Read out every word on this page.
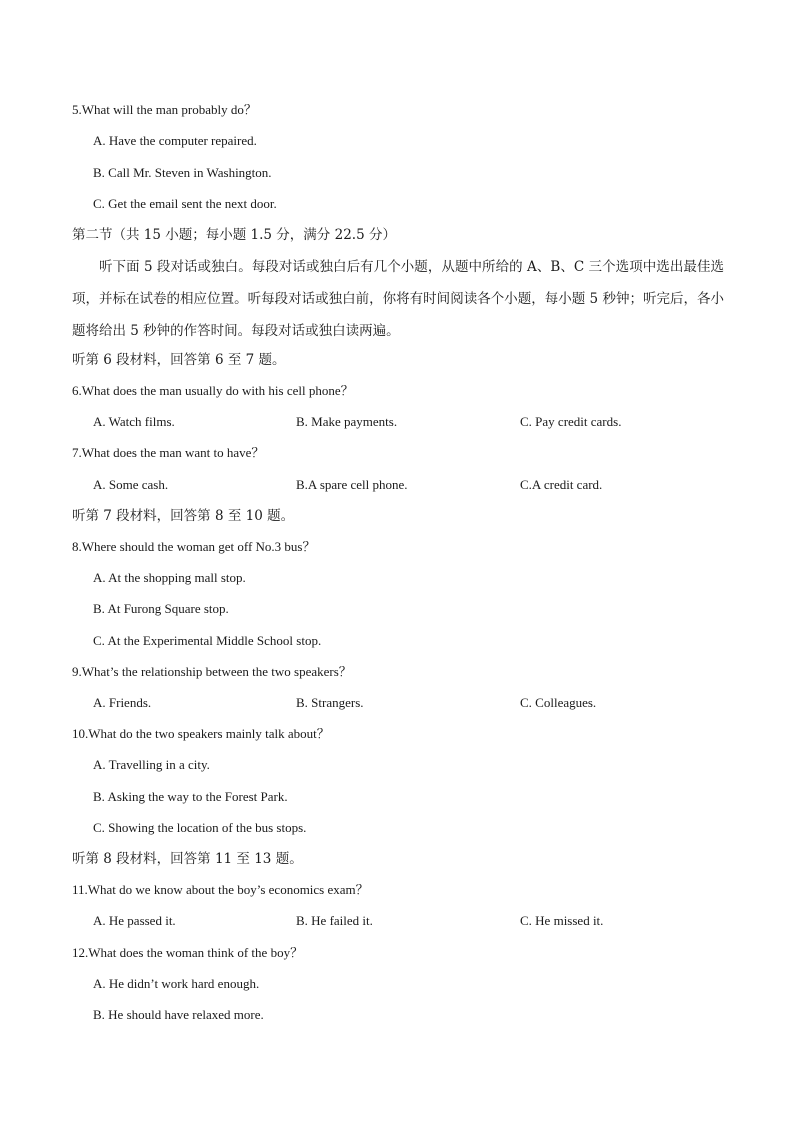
5.What will the man probably do？
A. Have the computer repaired.
B. Call Mr. Steven in Washington.
C. Get the email sent the next door.
第二节（共 15 小题；每小题 1.5 分，满分 22.5 分）
听下面 5 段对话或独白。每段对话或独白后有几个小题，从题中所给的 A、B、C 三个选项中选出最佳选项，并标在试卷的相应位置。听每段对话或独白前，你将有时间阅读各个小题，每小题 5 秒钟；听完后，各小题将给出 5 秒钟的作答时间。每段对话或独白读两遍。
听第 6 段材料，回答第 6 至 7 题。
6.What does the man usually do with his cell phone？
A. Watch films.	B. Make payments.	C. Pay credit cards.
7.What does the man want to have？
A. Some cash.	B.A spare cell phone.	C.A credit card.
听第 7 段材料，回答第 8 至 10 题。
8.Where should the woman get off No.3 bus？
A. At the shopping mall stop.
B. At Furong Square stop.
C. At the Experimental Middle School stop.
9.What’s the relationship between the two speakers？
A. Friends.	B. Strangers.	C. Colleagues.
10.What do the two speakers mainly talk about？
A. Travelling in a city.
B. Asking the way to the Forest Park.
C. Showing the location of the bus stops.
听第 8 段材料，回答第 11 至 13 题。
11.What do we know about the boy’s economics exam？
A. He passed it.	B. He failed it.	C. He missed it.
12.What does the woman think of the boy？
A. He didn’t work hard enough.
B. He should have relaxed more.
